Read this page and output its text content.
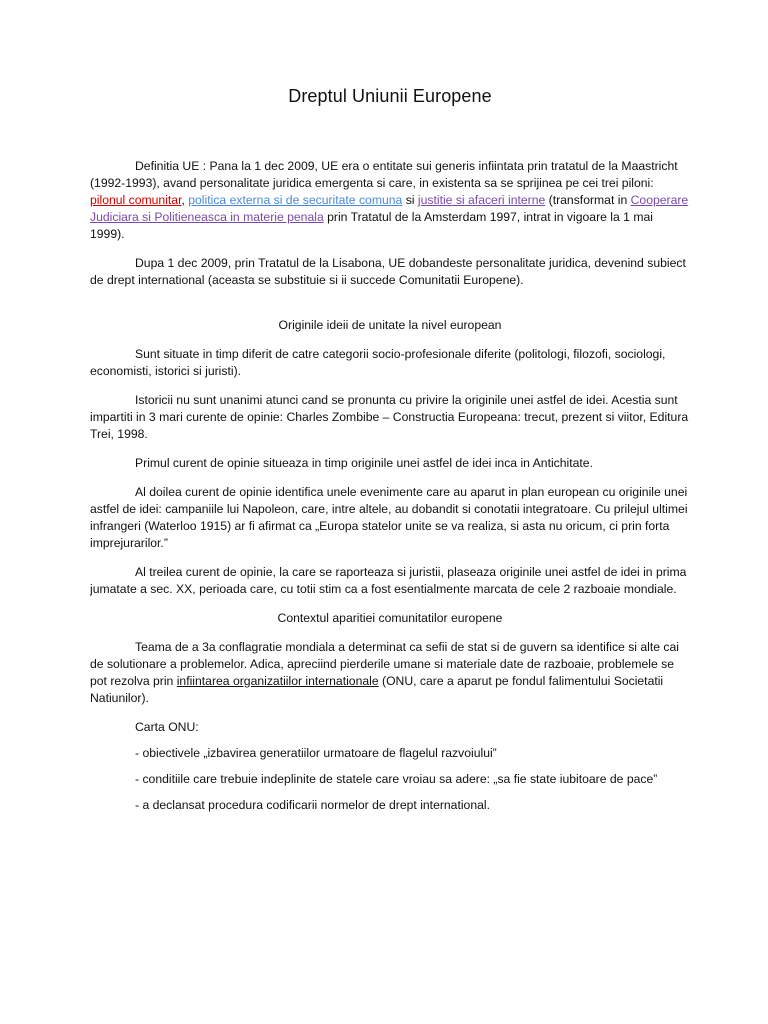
Dreptul Uniunii Europene

Definitia UE : Pana la 1 dec 2009, UE era o entitate sui generis infiintata prin tratatul de la Maastricht (1992-1993), avand personalitate juridica emergenta si care, in existenta sa se sprijinea pe cei trei piloni: pilonul comunitar, politica externa si de securitate comuna si justitie si afaceri interne (transformat in Cooperare Judiciara si Politieneasca in materie penala prin Tratatul de la Amsterdam 1997, intrat in vigoare la 1 mai 1999).

Dupa 1 dec 2009, prin Tratatul de la Lisabona, UE dobandeste personalitate juridica, devenind subiect de drept international (aceasta se substituie si ii succede Comunitatii Europene).

Originile ideii de unitate la nivel european

Sunt situate in timp diferit de catre categorii socio-profesionale diferite (politologi, filozofi, sociologi, economisti, istorici si juristi).

Istoricii nu sunt unanimi atunci cand se pronunta cu privire la originile unei astfel de idei. Acestia sunt impartiti in 3 mari curente de opinie: Charles Zombibe – Constructia Europeana: trecut, prezent si viitor, Editura Trei, 1998.

Primul curent de opinie situeaza in timp originile unei astfel de idei inca in Antichitate.

Al doilea curent de opinie identifica unele evenimente care au aparut in plan european cu originile unei astfel de idei: campaniile lui Napoleon, care, intre altele, au dobandit si conotatii integratoare. Cu prilejul ultimei infrangeri (Waterloo 1915) ar fi afirmat ca „Europa statelor unite se va realiza, si asta nu oricum, ci prin forta imprejurarilor.”

Al treilea curent de opinie, la care se raporteaza si juristii, plaseaza originile unei astfel de idei in prima jumatate a sec. XX, perioada care, cu totii stim ca a fost esentialmente marcata de cele 2 razboaie mondiale.

Contextul aparitiei comunitatilor europene

Teama de a 3a conflagratie mondiala a determinat ca sefii de stat si de guvern sa identifice si alte cai de solutionare a problemelor. Adica, apreciind pierderile umane si materiale date de razboaie, problemele se pot rezolva prin infiintarea organizatiilor internationale (ONU, care a aparut pe fondul falimentului Societatii Natiunilor).

Carta ONU:

- obiectivele „izbavirea generatiilor urmatoare de flagelul razvoiului”

- conditiile care trebuie indeplinite de statele care vroiau sa adere: „sa fie state iubitoare de pace”

- a declansat procedura codificarii normelor de drept international.
